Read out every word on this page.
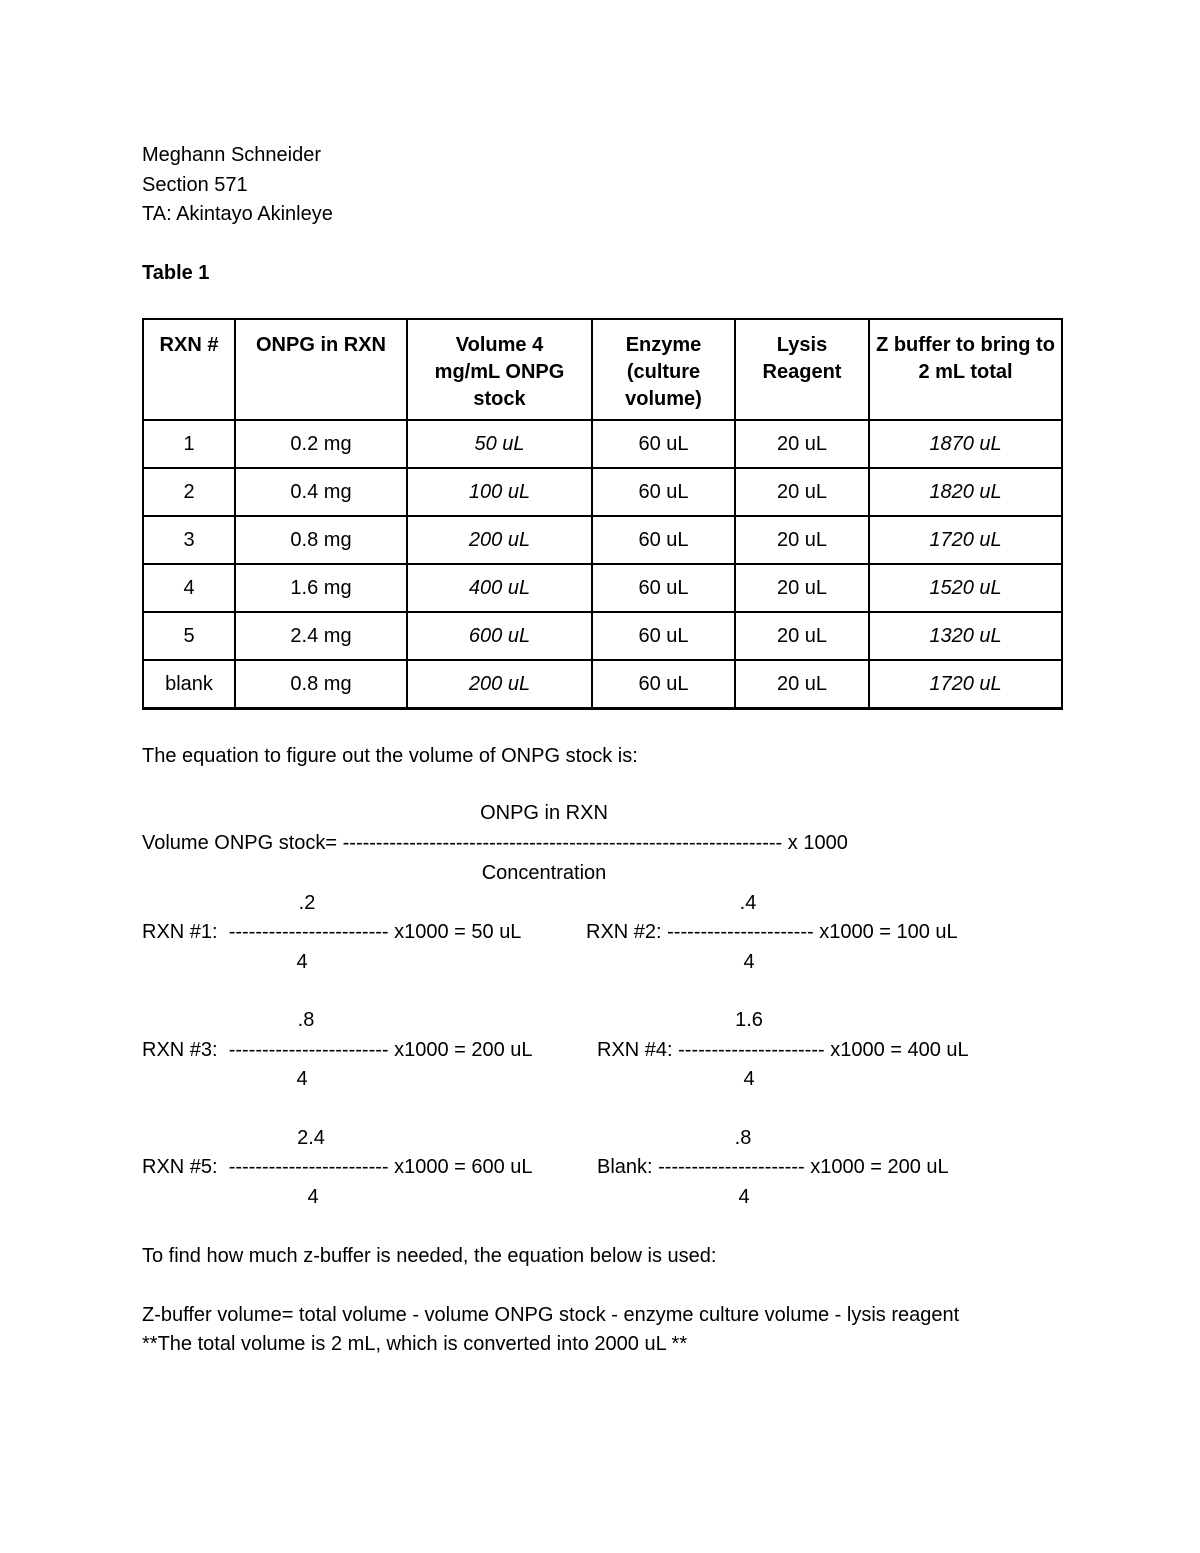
Meghann Schneider
Section 571
TA: Akintayo Akinleye
Table 1
RXN #	ONPG in RXN	Volume 4 mg/mL ONPG stock	Enzyme (culture volume)	Lysis Reagent	Z buffer to bring to 2 mL total
1	0.2 mg	50 uL	60 uL	20 uL	1870 uL
2	0.4 mg	100 uL	60 uL	20 uL	1820 uL
3	0.8 mg	200 uL	60 uL	20 uL	1720 uL
4	1.6 mg	400 uL	60 uL	20 uL	1520 uL
5	2.4 mg	600 uL	60 uL	20 uL	1320 uL
blank	0.8 mg	200 uL	60 uL	20 uL	1720 uL
The equation to figure out the volume of ONPG stock is:
ONPG in RXN
Volume ONPG stock= ------------------------------------------------------------------ x 1000
Concentration
.2
RXN #1:  ------------------------ x1000 = 50 uL
4
.4
RXN #2: ---------------------- x1000 = 100 uL
4
.8
RXN #3:  ------------------------ x1000 = 200 uL
4
1.6
RXN #4: ---------------------- x1000 = 400 uL
4
2.4
RXN #5:  ------------------------ x1000 = 600 uL
4
.8
Blank: ---------------------- x1000 = 200 uL
4
To find how much z-buffer is needed, the equation below is used:
Z-buffer volume= total volume - volume ONPG stock - enzyme culture volume - lysis reagent
**The total volume is 2 mL, which is converted into 2000 uL **
